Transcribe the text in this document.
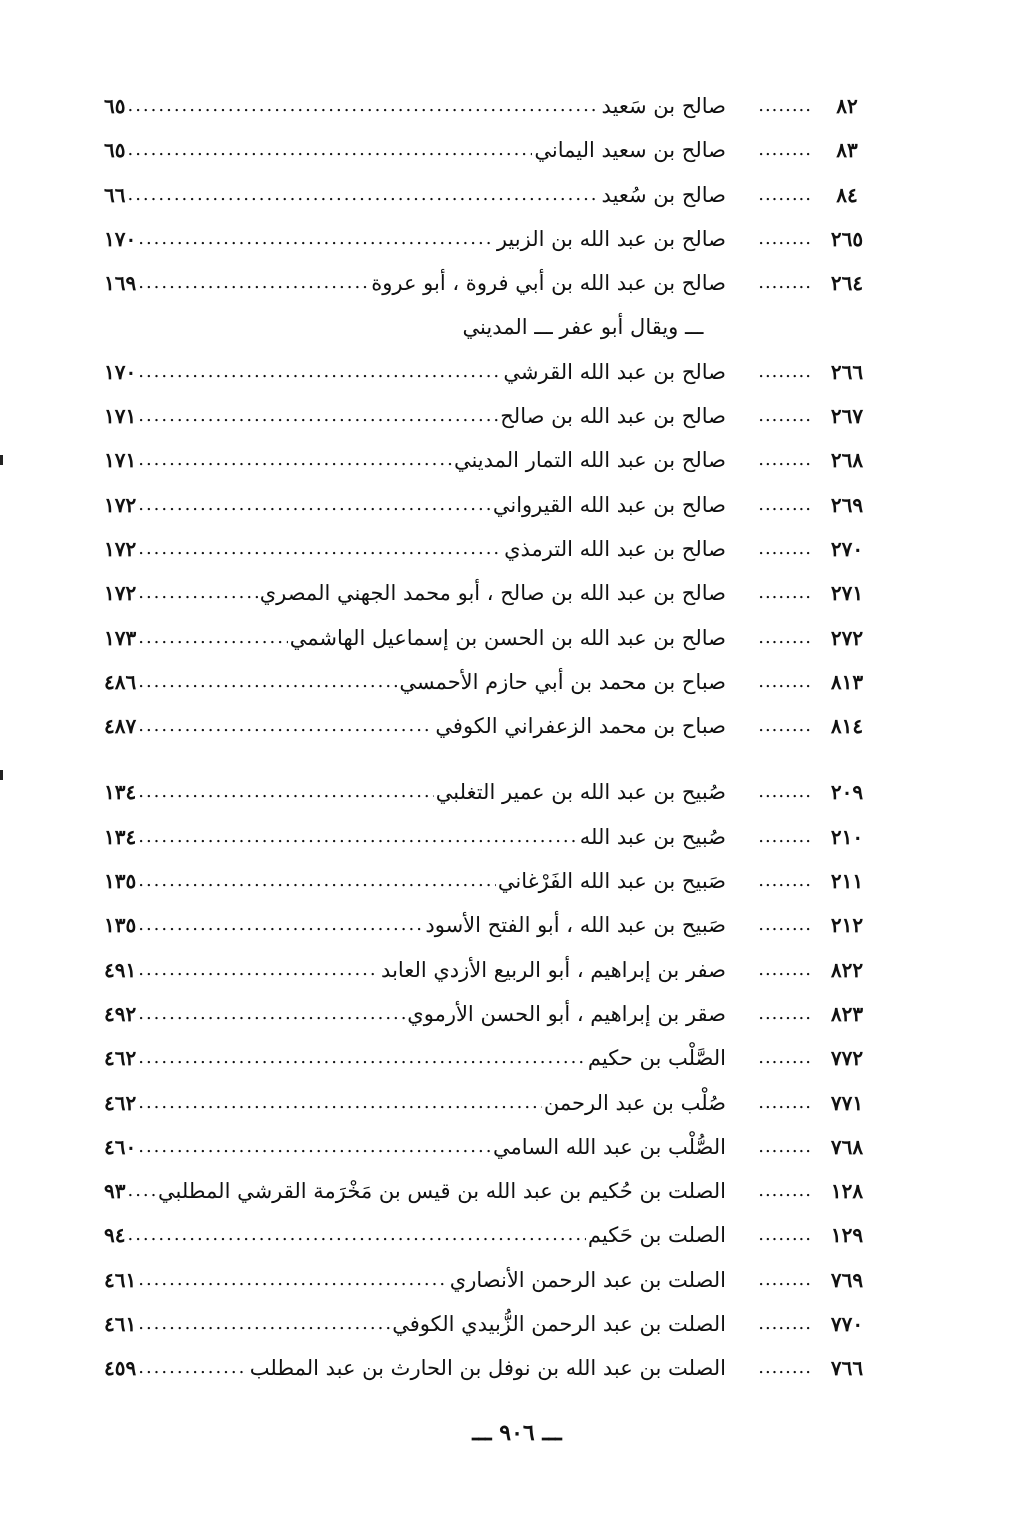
٨٢
........
صالح بن سَعيد
.....
٦٥
٨٣
........
صالح بن سعيد اليماني
.....
٦٥
٨٤
........
صالح بن سُعيد
.....
٦٦
٢٦٥
........
صالح بن عبد الله بن الزبير
.....
١٧٠
٢٦٤
........
صالح بن عبد الله بن أبي فروة ، أبو عروة
.....
١٦٩
ـــ ويقال أبو عفر ـــ المديني
٢٦٦
........
صالح بن عبد الله القرشي
.....
١٧٠
٢٦٧
........
صالح بن عبد الله بن صالح
.....
١٧١
٢٦٨
........
صالح بن عبد الله التمار المديني
.....
١٧١
٢٦٩
........
صالح بن عبد الله القيرواني
.....
١٧٢
٢٧٠
........
صالح بن عبد الله الترمذي
.....
١٧٢
٢٧١
........
صالح بن عبد الله بن صالح ، أبو محمد الجهني المصري
.....
١٧٢
٢٧٢
........
صالح بن عبد الله بن الحسن بن إسماعيل الهاشمي
.....
١٧٣
٨١٣
........
صباح بن محمد بن أبي حازم الأحمسي
.....
٤٨٦
٨١٤
........
صباح بن محمد الزعفراني الكوفي
.....
٤٨٧
٢٠٩
........
صُبيح بن عبد الله بن عمير التغلبي
.....
١٣٤
٢١٠
........
صُبيح بن عبد الله
.....
١٣٤
٢١١
........
صَبيح بن عبد الله الفَرْغاني
.....
١٣٥
٢١٢
........
صَبيح بن عبد الله ، أبو الفتح الأسود
.....
١٣٥
٨٢٢
........
صفر بن إبراهيم ، أبو الربيع الأزدي العابد
.....
٤٩١
٨٢٣
........
صقر بن إبراهيم ، أبو الحسن الأرموي
.....
٤٩٢
٧٧٢
........
الصَّلْب بن حكيم
.....
٤٦٢
٧٧١
........
صُلْب بن عبد الرحمن
.....
٤٦٢
٧٦٨
........
الصُّلْب بن عبد الله السامي
.....
٤٦٠
١٢٨
........
الصلت بن حُكيم بن عبد الله بن قيس بن مَخْرَمة القرشي المطلبي
.....
٩٣
١٢٩
........
الصلت بن حَكيم
.....
٩٤
٧٦٩
........
الصلت بن عبد الرحمن الأنصاري
.....
٤٦١
٧٧٠
........
الصلت بن عبد الرحمن الزُّبيدي الكوفي
.....
٤٦١
٧٦٦
........
الصلت بن عبد الله بن نوفل بن الحارث بن عبد المطلب
.....
٤٥٩
ـــ ٩٠٦ ـــ
